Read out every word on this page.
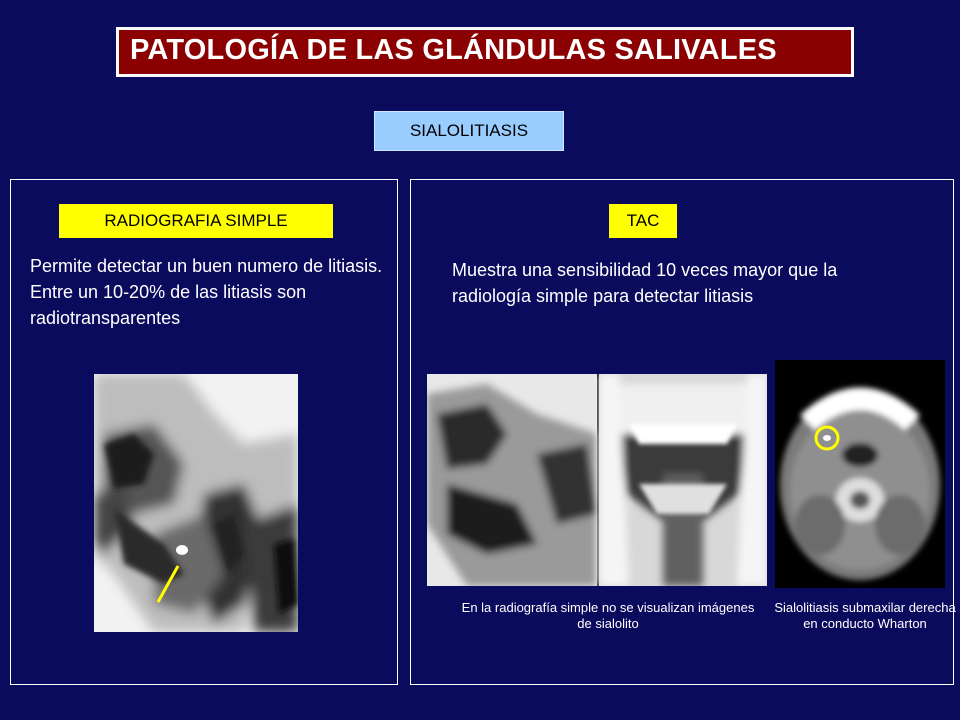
PATOLOGÍA DE LAS GLÁNDULAS SALIVALES
SIALOLITIASIS
RADIOGRAFIA SIMPLE	TAC
Permite detectar un buen numero de litiasis. Entre un 10-20% de las litiasis son radiotransparentes
Muestra una sensibilidad 10 veces mayor que la radiología simple para detectar litiasis
En la radiografía simple no se visualizan imágenes de sialolito
Sialolitiasis submaxilar derecha en conducto Wharton
